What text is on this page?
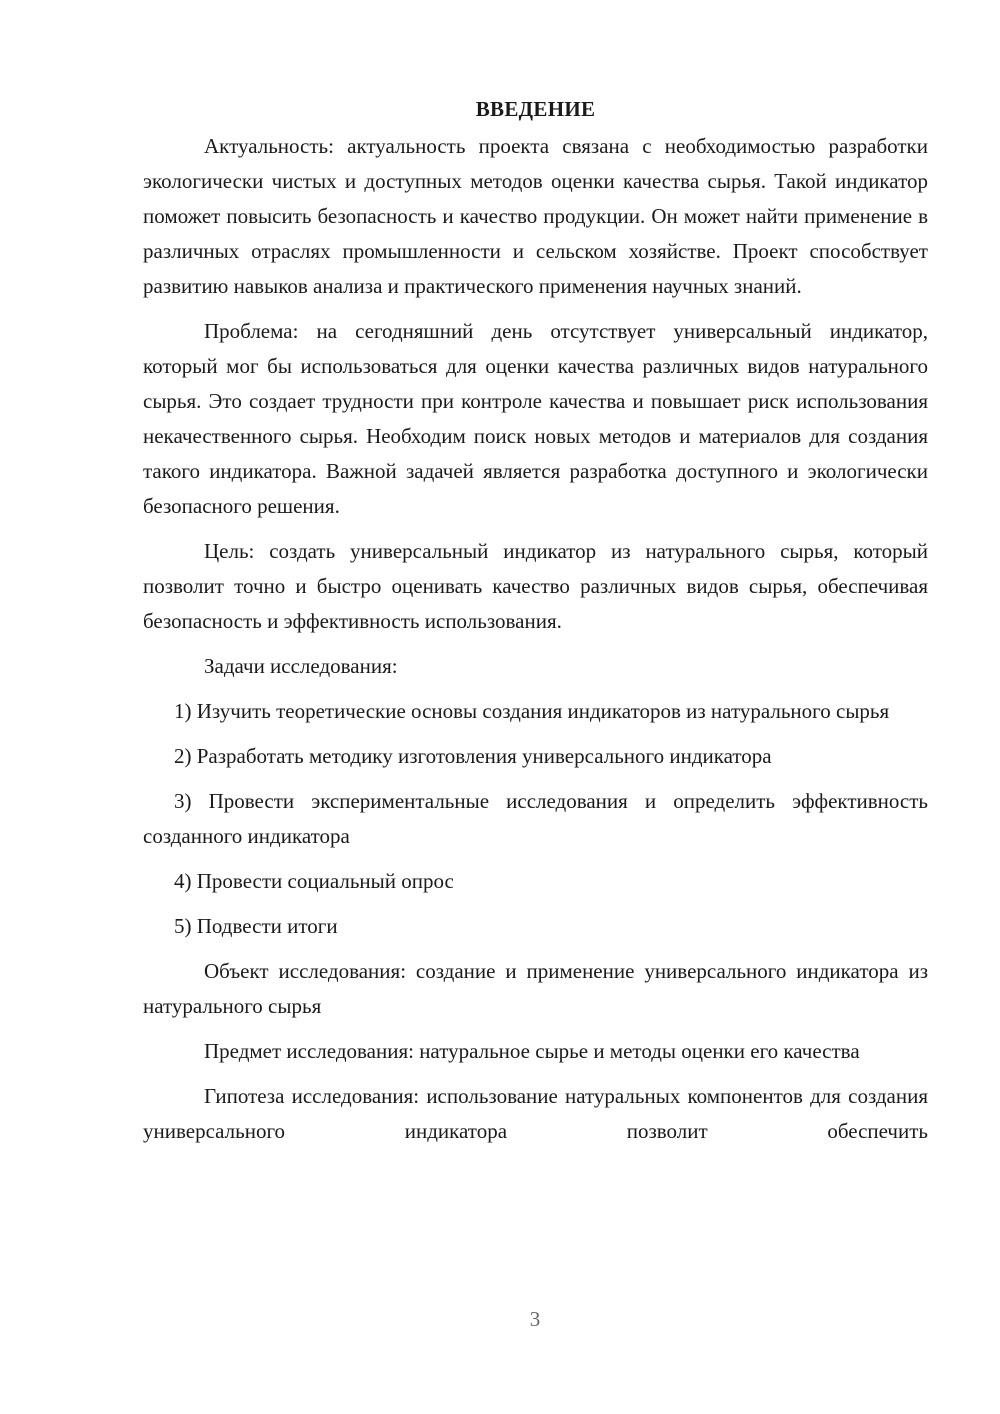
ВВЕДЕНИЕ

Актуальность: актуальность проекта связана с необходимостью разработки экологически чистых и доступных методов оценки качества сырья. Такой индикатор поможет повысить безопасность и качество продукции. Он может найти применение в различных отраслях промышленности и сельском хозяйстве. Проект способствует развитию навыков анализа и практического применения научных знаний.

Проблема: на сегодняшний день отсутствует универсальный индикатор, который мог бы использоваться для оценки качества различных видов натурального сырья. Это создает трудности при контроле качества и повышает риск использования некачественного сырья. Необходим поиск новых методов и материалов для создания такого индикатора. Важной задачей является разработка доступного и экологически безопасного решения.

Цель: создать универсальный индикатор из натурального сырья, который позволит точно и быстро оценивать качество различных видов сырья, обеспечивая безопасность и эффективность использования.

Задачи исследования:

1) Изучить теоретические основы создания индикаторов из натурального сырья

2) Разработать методику изготовления универсального индикатора

3) Провести экспериментальные исследования и определить эффективность созданного индикатора

4) Провести социальный опрос

5) Подвести итоги

Объект исследования: создание и применение универсального индикатора из натурального сырья

Предмет исследования: натуральное сырье и методы оценки его качества

Гипотеза исследования: использование натуральных компонентов для создания универсального индикатора позволит обеспечить

3
